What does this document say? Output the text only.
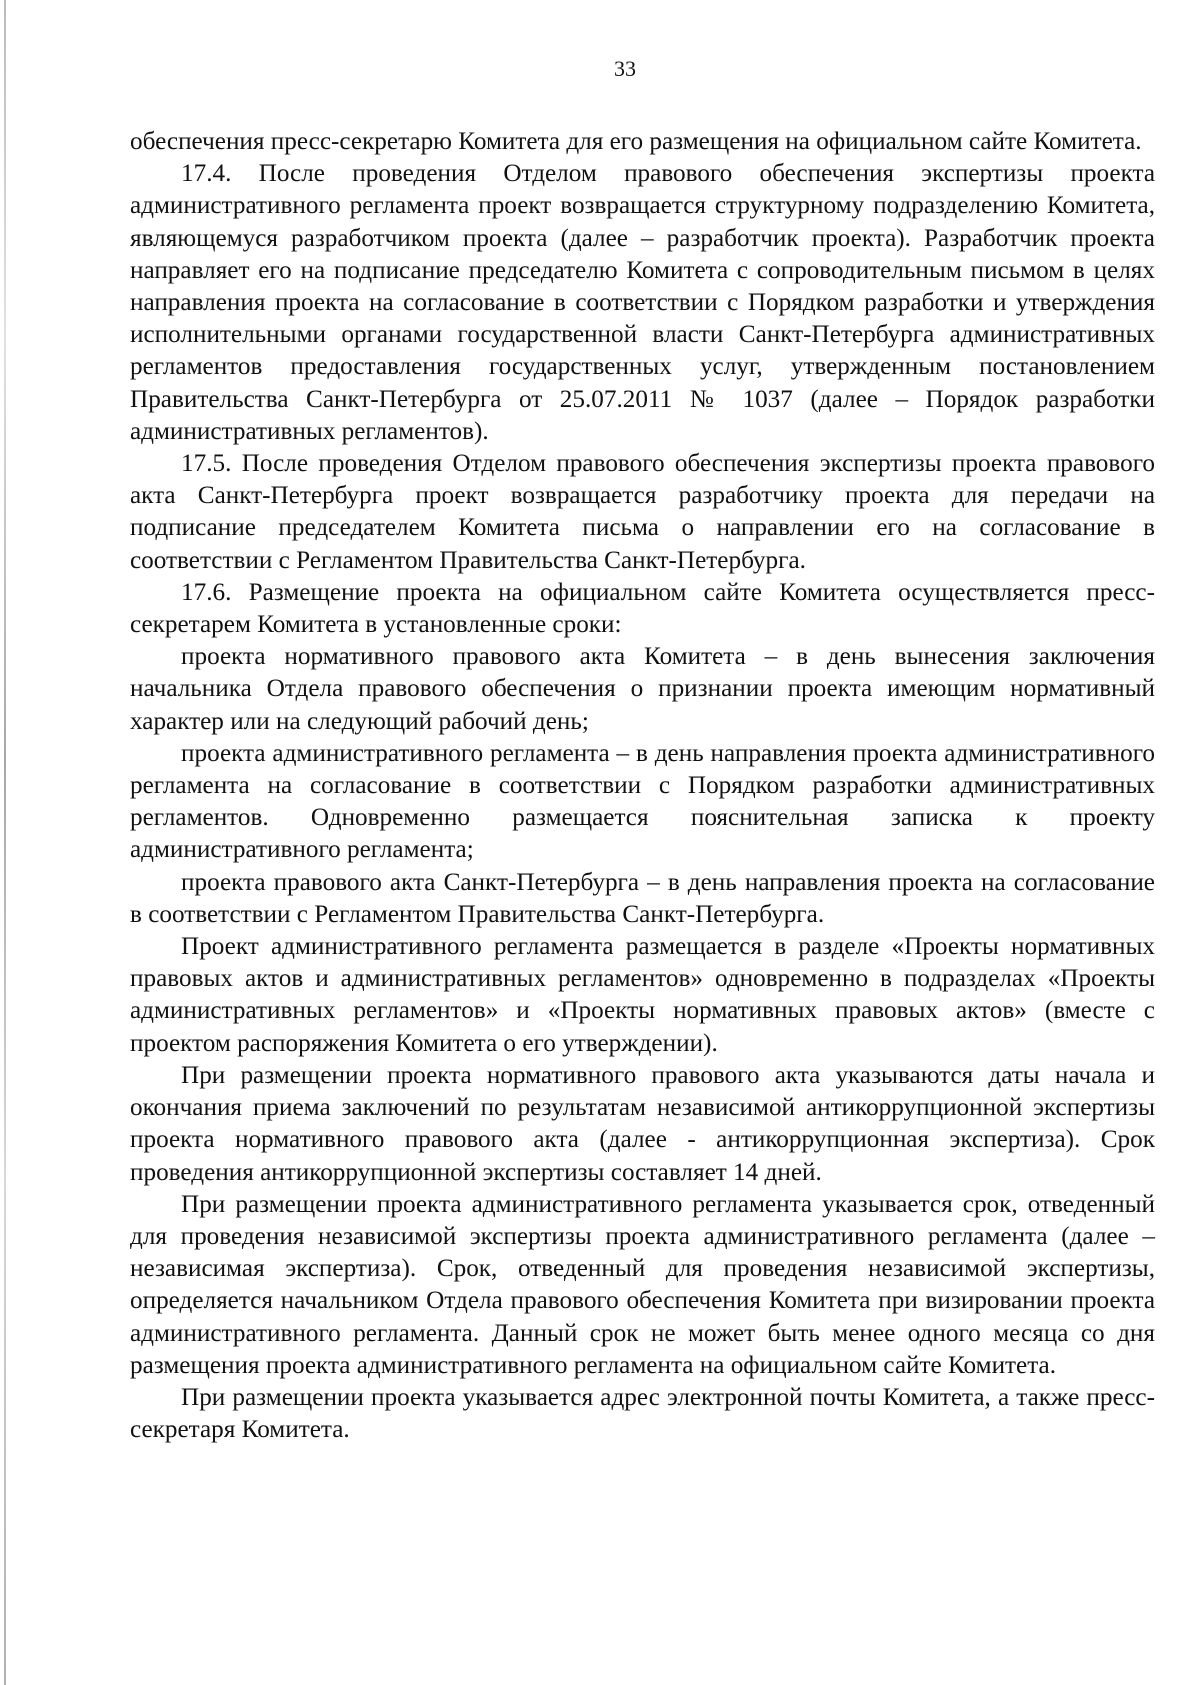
33

обеспечения пресс-секретарю Комитета для его размещения на официальном сайте Комитета.

17.4. После проведения Отделом правового обеспечения экспертизы проекта административного регламента проект возвращается структурному подразделению Комитета, являющемуся разработчиком проекта (далее – разработчик проекта). Разработчик проекта направляет его на подписание председателю Комитета с сопроводительным письмом в целях направления проекта на согласование в соответствии с Порядком разработки и утверждения исполнительными органами государственной власти Санкт-Петербурга административных регламентов предоставления государственных услуг, утвержденным постановлением Правительства Санкт-Петербурга от 25.07.2011 № 1037 (далее – Порядок разработки административных регламентов).

17.5. После проведения Отделом правового обеспечения экспертизы проекта правового акта Санкт-Петербурга проект возвращается разработчику проекта для передачи на подписание председателем Комитета письма о направлении его на согласование в соответствии с Регламентом Правительства Санкт-Петербурга.

17.6. Размещение проекта на официальном сайте Комитета осуществляется пресс-секретарем Комитета в установленные сроки:

проекта нормативного правового акта Комитета – в день вынесения заключения начальника Отдела правового обеспечения о признании проекта имеющим нормативный характер или на следующий рабочий день;

проекта административного регламента – в день направления проекта административного регламента на согласование в соответствии с Порядком разработки административных регламентов. Одновременно размещается пояснительная записка к проекту административного регламента;

проекта правового акта Санкт-Петербурга – в день направления проекта на согласование в соответствии с Регламентом Правительства Санкт-Петербурга.

Проект административного регламента размещается в разделе «Проекты нормативных правовых актов и административных регламентов» одновременно в подразделах «Проекты административных регламентов» и «Проекты нормативных правовых актов» (вместе с проектом распоряжения Комитета о его утверждении).

При размещении проекта нормативного правового акта указываются даты начала и окончания приема заключений по результатам независимой антикоррупционной экспертизы проекта нормативного правового акта (далее - антикоррупционная экспертиза). Срок проведения антикоррупционной экспертизы составляет 14 дней.

При размещении проекта административного регламента указывается срок, отведенный для проведения независимой экспертизы проекта административного регламента (далее – независимая экспертиза). Срок, отведенный для проведения независимой экспертизы, определяется начальником Отдела правового обеспечения Комитета при визировании проекта административного регламента. Данный срок не может быть менее одного месяца со дня размещения проекта административного регламента на официальном сайте Комитета.

При размещении проекта указывается адрес электронной почты Комитета, а также пресс-секретаря Комитета.
